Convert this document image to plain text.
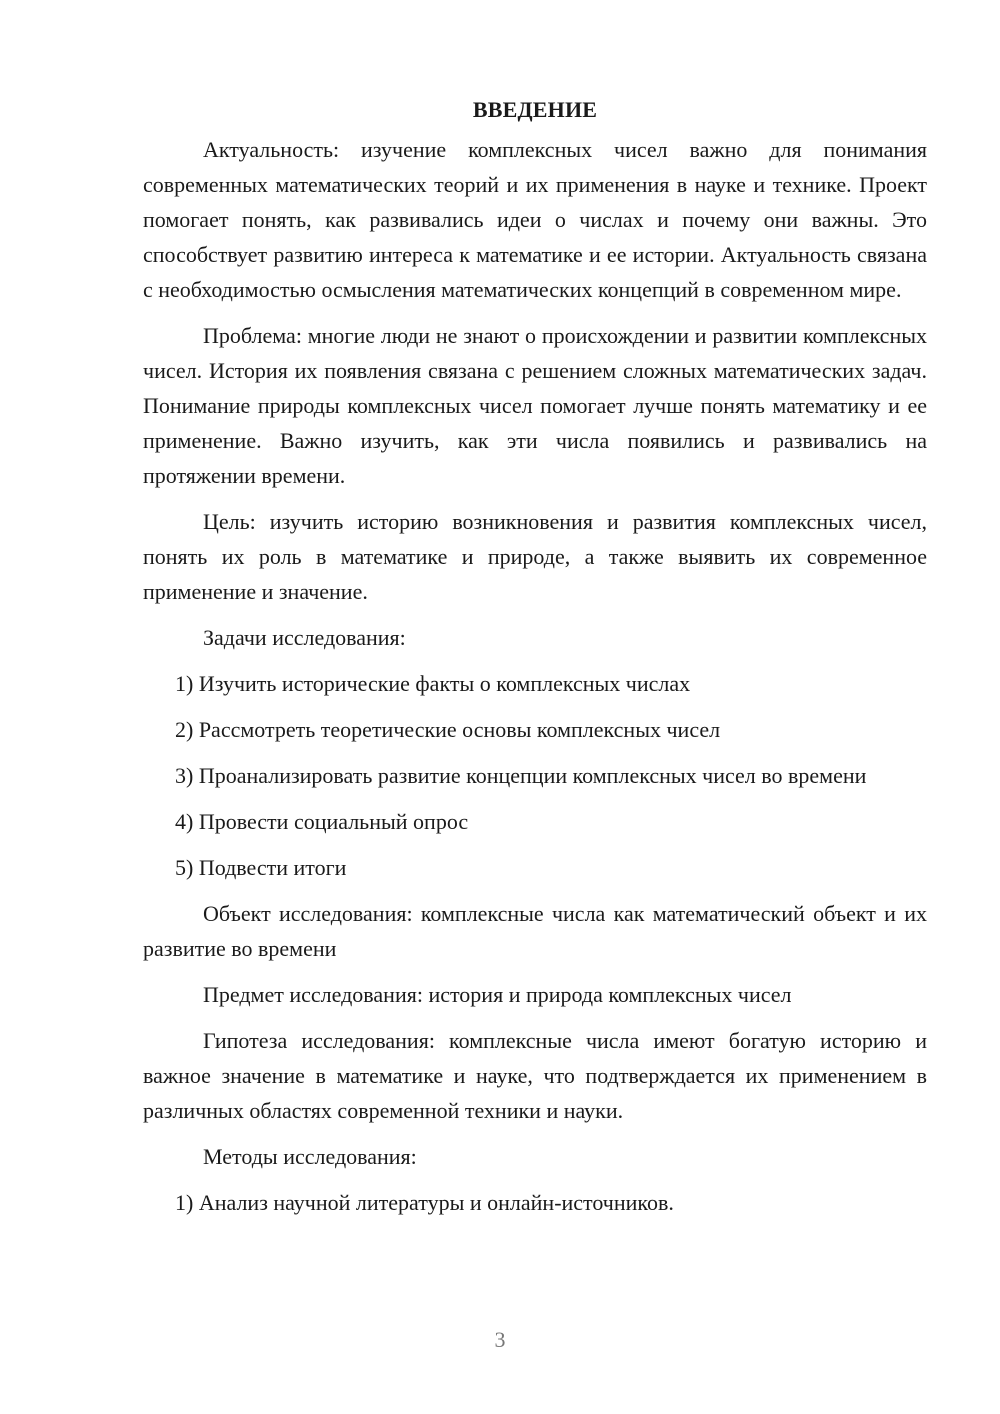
ВВЕДЕНИЕ

Актуальность: изучение комплексных чисел важно для понимания современных математических теорий и их применения в науке и технике. Проект помогает понять, как развивались идеи о числах и почему они важны. Это способствует развитию интереса к математике и ее истории. Актуальность связана с необходимостью осмысления математических концепций в современном мире.

Проблема: многие люди не знают о происхождении и развитии комплексных чисел. История их появления связана с решением сложных математических задач. Понимание природы комплексных чисел помогает лучше понять математику и ее применение. Важно изучить, как эти числа появились и развивались на протяжении времени.

Цель: изучить историю возникновения и развития комплексных чисел, понять их роль в математике и природе, а также выявить их современное применение и значение.

Задачи исследования:

1) Изучить исторические факты о комплексных числах

2) Рассмотреть теоретические основы комплексных чисел

3) Проанализировать развитие концепции комплексных чисел во времени

4) Провести социальный опрос

5) Подвести итоги

Объект исследования: комплексные числа как математический объект и их развитие во времени

Предмет исследования: история и природа комплексных чисел

Гипотеза исследования: комплексные числа имеют богатую историю и важное значение в математике и науке, что подтверждается их применением в различных областях современной техники и науки.

Методы исследования:

1) Анализ научной литературы и онлайн-источников.

3
